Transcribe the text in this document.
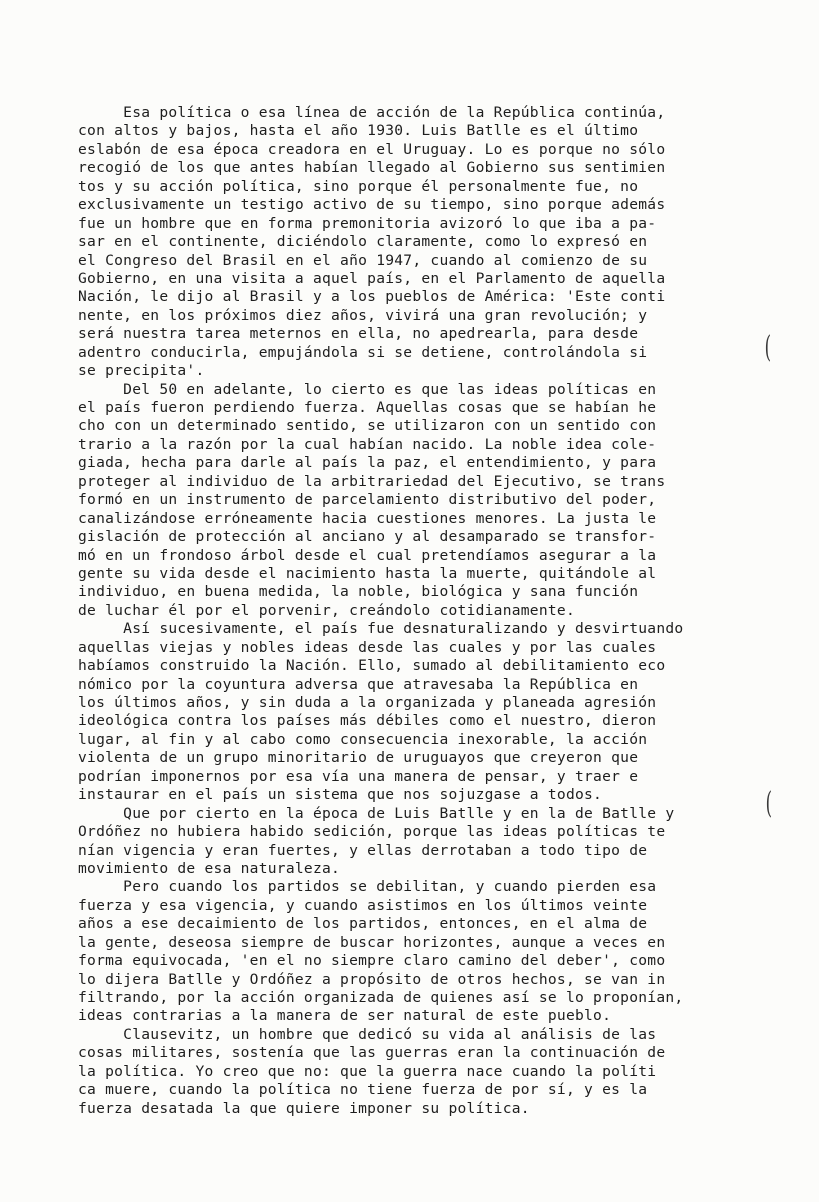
Esa política o esa línea de acción de la República continúa,
con altos y bajos, hasta el año 1930. Luis Batlle es el último
eslabón de esa época creadora en el Uruguay. Lo es porque no sólo
recogió de los que antes habían llegado al Gobierno sus sentimien
tos y su acción política, sino porque él personalmente fue, no
exclusivamente un testigo activo de su tiempo, sino porque además
fue un hombre que en forma premonitoria avizoró lo que iba a pa-
sar en el continente, diciéndolo claramente, como lo expresó en
el Congreso del Brasil en el año 1947, cuando al comienzo de su
Gobierno, en una visita a aquel país, en el Parlamento de aquella
Nación, le dijo al Brasil y a los pueblos de América: 'Este conti
nente, en los próximos diez años, vivirá una gran revolución; y
será nuestra tarea meternos en ella, no apedrearla, para desde
adentro conducirla, empujándola si se detiene, controlándola si
se precipita'.
Del 50 en adelante, lo cierto es que las ideas políticas en
el país fueron perdiendo fuerza. Aquellas cosas que se habían he
cho con un determinado sentido, se utilizaron con un sentido con
trario a la razón por la cual habían nacido. La noble idea cole-
giada, hecha para darle al país la paz, el entendimiento, y para
proteger al individuo de la arbitrariedad del Ejecutivo, se trans
formó en un instrumento de parcelamiento distributivo del poder,
canalizándose erróneamente hacia cuestiones menores. La justa le
gislación de protección al anciano y al desamparado se transfor-
mó en un frondoso árbol desde el cual pretendíamos asegurar a la
gente su vida desde el nacimiento hasta la muerte, quitándole al
individuo, en buena medida, la noble, biológica y sana función
de luchar él por el porvenir, creándolo cotidianamente.
Así sucesivamente, el país fue desnaturalizando y desvirtuando
aquellas viejas y nobles ideas desde las cuales y por las cuales
habíamos construido la Nación. Ello, sumado al debilitamiento eco
nómico por la coyuntura adversa que atravesaba la República en
los últimos años, y sin duda a la organizada y planeada agresión
ideológica contra los países más débiles como el nuestro, dieron
lugar, al fin y al cabo como consecuencia inexorable, la acción
violenta de un grupo minoritario de uruguayos que creyeron que
podrían imponernos por esa vía una manera de pensar, y traer e
instaurar en el país un sistema que nos sojuzgase a todos.
Que por cierto en la época de Luis Batlle y en la de Batlle y
Ordóñez no hubiera habido sedición, porque las ideas políticas te
nían vigencia y eran fuertes, y ellas derrotaban a todo tipo de
movimiento de esa naturaleza.
Pero cuando los partidos se debilitan, y cuando pierden esa
fuerza y esa vigencia, y cuando asistimos en los últimos veinte
años a ese decaimiento de los partidos, entonces, en el alma de
la gente, deseosa siempre de buscar horizontes, aunque a veces en
forma equivocada, 'en el no siempre claro camino del deber', como
lo dijera Batlle y Ordóñez a propósito de otros hechos, se van in
filtrando, por la acción organizada de quienes así se lo proponían,
ideas contrarias a la manera de ser natural de este pueblo.
Clausevitz, un hombre que dedicó su vida al análisis de las
cosas militares, sostenía que las guerras eran la continuación de
la política. Yo creo que no: que la guerra nace cuando la políti
ca muere, cuando la política no tiene fuerza de por sí, y es la
fuerza desatada la que quiere imponer su política.
(
(
